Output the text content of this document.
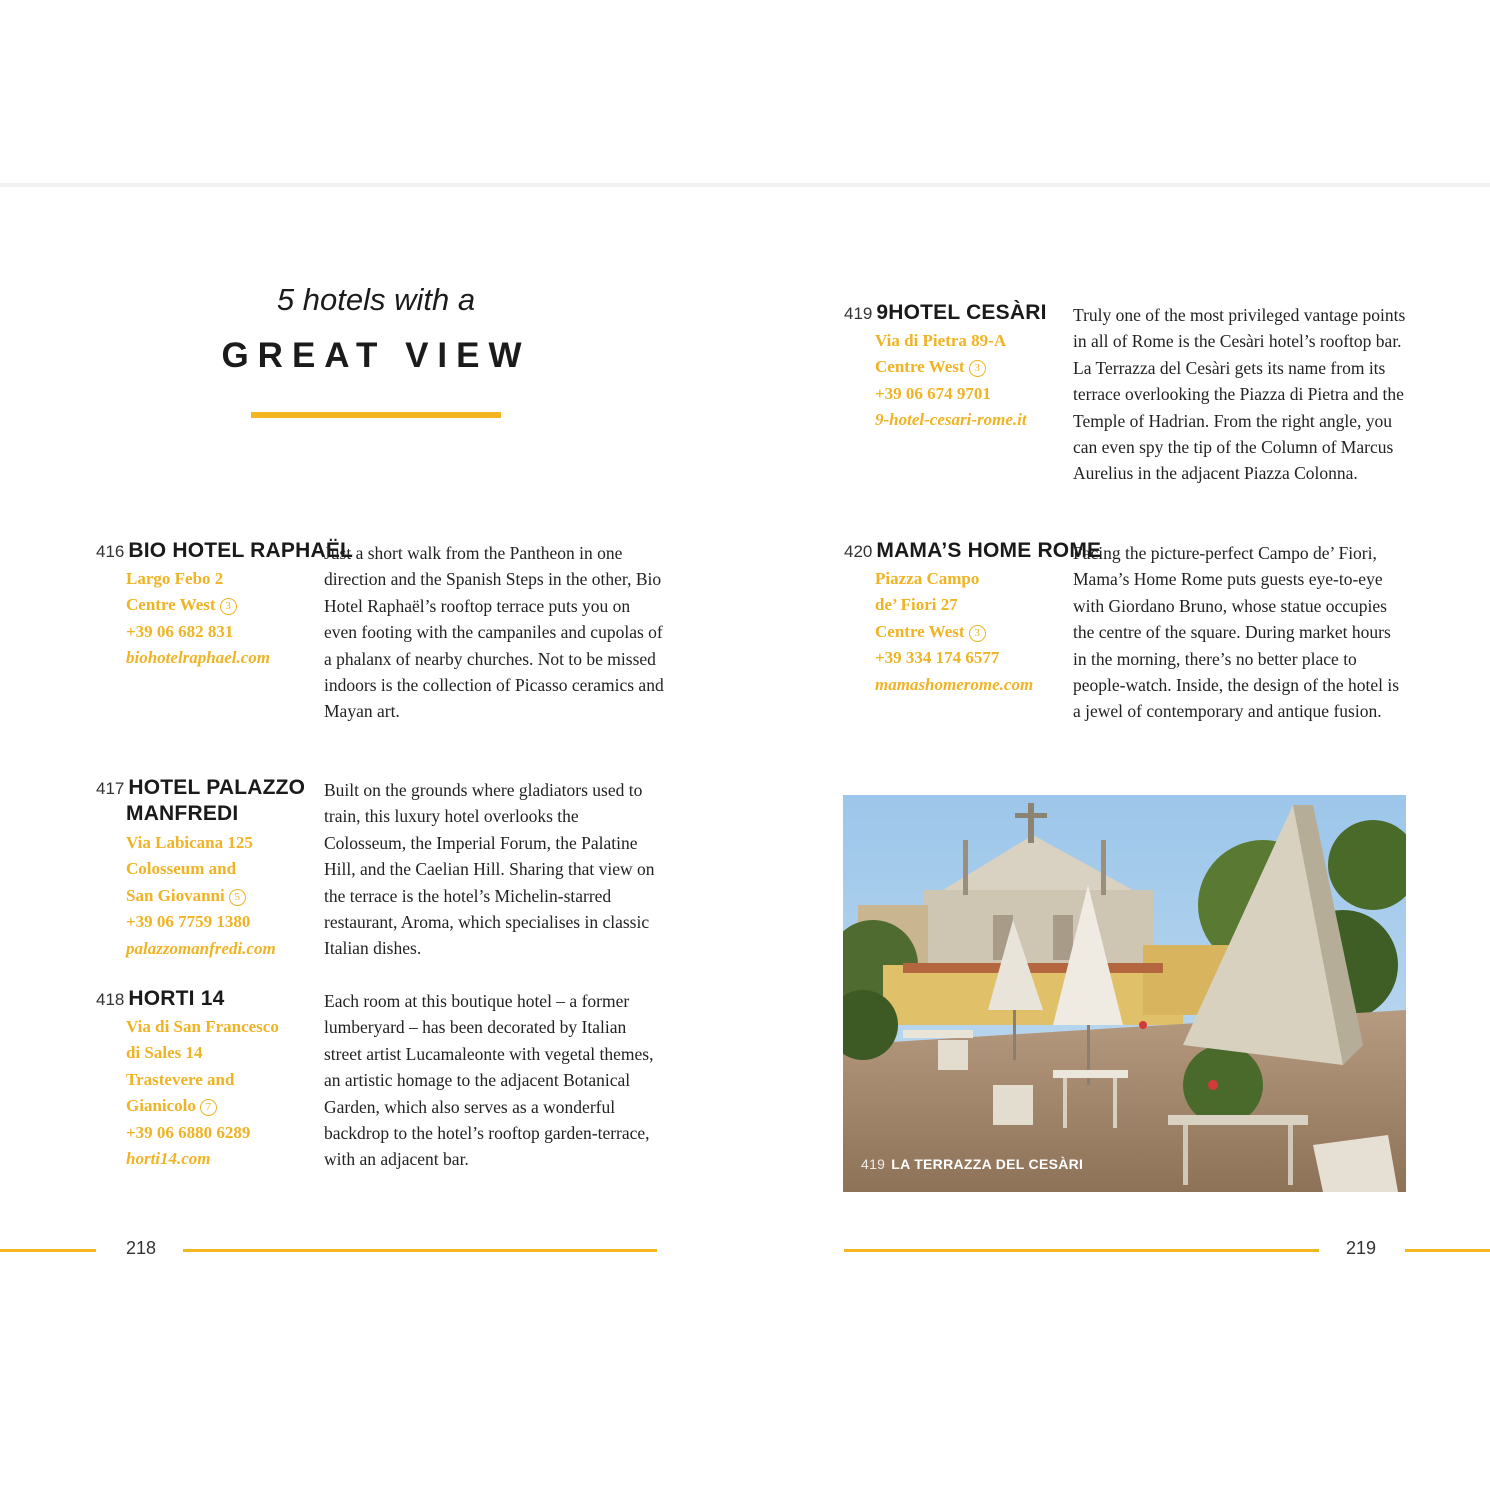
5 hotels with a
GREAT VIEW
416 BIO HOTEL RAPHAËL
Largo Febo 2
Centre West 3
+39 06 682 831
biohotelraphael.com
Just a short walk from the Pantheon in one direction and the Spanish Steps in the other, Bio Hotel Raphaël’s rooftop terrace puts you on even footing with the campaniles and cupolas of a phalanx of nearby churches. Not to be missed indoors is the collection of Picasso ceramics and Mayan art.
417 HOTEL PALAZZO
MANFREDI
Via Labicana 125
Colosseum and
San Giovanni 5
+39 06 7759 1380
palazzomanfredi.com
Built on the grounds where gladiators used to train, this luxury hotel overlooks the Colosseum, the Imperial Forum, the Palatine Hill, and the Caelian Hill. Sharing that view on the terrace is the hotel’s Michelin-starred restaurant, Aroma, which specialises in classic Italian dishes.
418 HORTI 14
Via di San Francesco
di Sales 14
Trastevere and
Gianicolo 7
+39 06 6880 6289
horti14.com
Each room at this boutique hotel – a former lumberyard – has been decorated by Italian street artist Lucamaleonte with vegetal themes, an artistic homage to the adjacent Botanical Garden, which also serves as a wonderful backdrop to the hotel’s rooftop garden-terrace, with an adjacent bar.
419 9HOTEL CESÀRI
Via di Pietra 89-A
Centre West 3
+39 06 674 9701
9-hotel-cesari-rome.it
Truly one of the most privileged vantage points in all of Rome is the Cesàri hotel’s rooftop bar. La Terrazza del Cesàri gets its name from its terrace overlooking the Piazza di Pietra and the Temple of Hadrian. From the right angle, you can even spy the tip of the Column of Marcus Aurelius in the adjacent Piazza Colonna.
420 MAMA’S HOME ROME
Piazza Campo
de’ Fiori 27
Centre West 3
+39 334 174 6577
mamashomerome.com
Facing the picture-perfect Campo de’ Fiori, Mama’s Home Rome puts guests eye-to-eye with Giordano Bruno, whose statue occupies the centre of the square. During market hours in the morning, there’s no better place to people-watch. Inside, the design of the hotel is a jewel of contemporary and antique fusion.
419 LA TERRAZZA DEL CESÀRI
218	219
